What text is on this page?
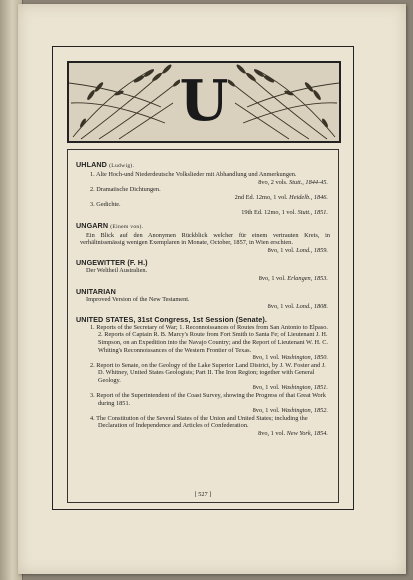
U
UHLAND (Ludwig).
1. Alte Hoch-und Niederdeutsche Volkslieder mit Abhandlung und Anmerkungen.
8vo, 2 vols. Stutt., 1844-45.
2. Dramatische Dichtungen.
2nd Ed. 12mo, 1 vol. Heidelb., 1846.
3. Gedichte.
19th Ed. 12mo, 1 vol. Stutt., 1851.
UNGARN (Einem von).
Ein Blick auf den Anonymen Rückblick welcher für einem vertrauten Kreis, in verhältnissmässig wenigen Exemplaren in Monate, October, 1857, in Wien erschien.
8vo, 1 vol. Lond., 1859.
UNGEWITTER (F. H.)
Der Weltheil Australien.
8vo, 1 vol. Erlangen, 1853.
UNITARIAN
Improved Version of the New Testament.
8vo, 1 vol. Lond., 1808.
UNITED STATES, 31st Congress, 1st Session (Senate).
1. Reports of the Secretary of War; 1. Reconnoissances of Routes from San Antonio to Elpaso. 2. Reports of Captain R. B. Marcy's Route from Fort Smith to Santa Fe; of Lieutenant J. H. Simpson, on an Expedition into the Navajo Country; and the Report of Lieutenant W. H. C. Whiting's Reconnoissances of the Western Frontier of Texas.
8vo, 1 vol. Washington, 1850.
2. Report to Senate, on the Geology of the Lake Superior Land District, by J. W. Foster and J. D. Whitney, United States Geologists; Part II. The Iron Region; together with General Geology.
8vo, 1 vol. Washington, 1851.
3. Report of the Superintendent of the Coast Survey, showing the Progress of that Great Work during 1851.
8vo, 1 vol. Washington, 1852.
4. The Constitution of the Several States of the Union and United States; including the Declaration of Independence and Articles of Confederation.
8vo, 1 vol. New York, 1854.
[ 527 ]
